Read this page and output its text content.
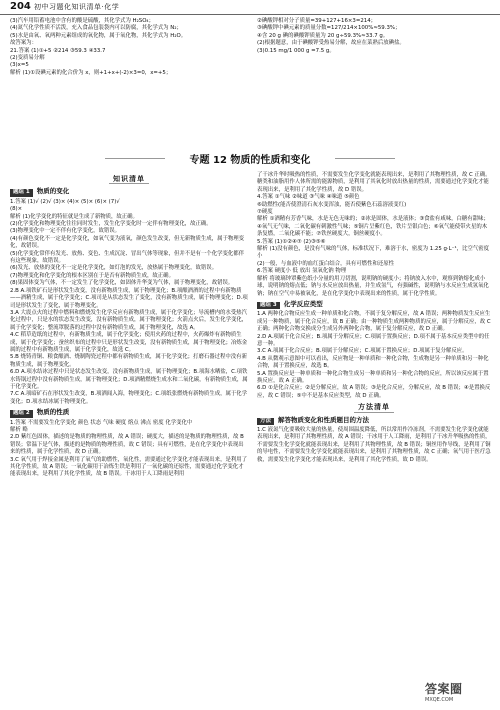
204 初中习题化知识清单·化学

(3)汽车用铅蓄电池中含有的酸是硫酸，其化学式为 H₂SO₄；

(4)氮气化学性质不活泼，充入食品包装袋内可以防腐，其化学式为 N₂；

(5)水是由氧、氧两种元素组成的氧化物，属于氧化物，其化学式为 H₂O。

故答案为：

21.答案 (1)①+5 ②214 ③59.3 ④33.7

(2)变质易分解

(3)x=5

解析 (1)①设碘元素的化合价为 x，则+1+x+(-2)×3=0，x=+5；

②碘酸钾相对分子质量=39+127+16×3=214；

③碘酸钾中碘元素的质量分数=127/214×100%≈59.3%；

④含 20 g 碘的碘酸钾质量为 20 g÷59.3%≈33.7 g。

(2)根据题意，由于碘酸钾受热易分解，故应在菜熟后放碘盐。

(3)0.15 mg/1 000 g =7.5 g。

专题 12 物质的性质和变化
知识清单
题组 1 物质的变化

1.答案 (1)√ (2)√ (3)× (4)× (5)× (6)× (7)√

(8)×

解析 (1)化学变化的特征就是生成了新物质，故正确。

(2)化学变化和物理变化往往同时发生，发生化学变化时一定伴有物理变化，故正确。

(3)物理变化中一定不伴有化学变化，故错误。

(4)有颜色变化不一定是化学变化，如氧气变为液氧，颜色发生改变，但无新物质生成，属于物理变化，故错误。

(5)化学变化常伴有发光、放热、变色、生成沉淀、冒出气体等现象，但并不是有一个化学变化都伴有这些现象，故错误。

(6)发光、放热的变化不一定是化学变化，如灯泡的发光，放热属于物理变化，故错误。

(7)物理变化和化学变化的根本区别在于是否有新物质生成，故正确。

(8)果固体变为气体，不一定发生了化学变化，如固体升华变为气体，属于物理变化，故错误。

2.B A.项铁矿石是形状发生改变，没有新物质生成，属于物理变化；B.项酿酒酒的过程中有新物质——酒精生成，属于化学变化；C.项司是从状态发生了变化，没有新物质生成，属于物理变化；D.项司是形状发生了变化，属于物理变化。

3.A 大震点火的过程中燃料和燃烧发生化学反应有新物质生成，属于化学变化；导流槽内的水受热汽化过程中，只是水的状态发生改变，没有新物质生成，属于物理变化；火箭点火后，发生化学变化，属于化学变化；整流罩脱落的过程中没有新物质生成，属于物理变化，故选 A。

4.C 稻草造纸的过程中，有新物质生成，属于化学变化；使用火药的过程中，火药爆炸有新物质生成，属于化学变化；蚕丝织布的过程中只是形状发生改变，没有新物质生成，属于物理变化；冶炼金属的过程中有新物质生成，属于化学变化，故选 C。

5.B 烧铸青铜、粮食酿酒、烧制陶瓷过程中都有新物质生成，属于化学变化；打磨石器过程中没有新物质生成，属于物理变化。

6.D A.项水结冰过程中只是状态发生改变，没有新物质生成，属于物理变化；B.项海水晒盐，C.项铁水铸锅过程中没有新物质生成，属于物理变化；D.项酒精燃烧生成水和二氧化碳，有新物质生成，属于化学变化。

7.C A.项暗矿石在形状发生改变，B.项洒闻入海，物理变化；C.项纸张燃烧有新物质生成，属于化学变化；D.项水结冰属于物理变化。

题组 2 物质的性质

1.答案 不需要发生化学变化 颜色 状态 气味 硬度 熔点 沸点 密度 化学变化中

解析 略

2.D 紫红色固体，描述的是物质的物理性质，故 A 错误；硬度大，描述的是物质的物理性质，故 B 错误；常温下是气体，描述的是物质的物理性质，故 C 错误；具有可燃性，是在化学变化中表现出来的性质，属于化学性质，故 D 正确。

3.C 氧气用于焊接金属是利用了氧气的助燃性，氧化性，需要通过化学变化才能表现出来，是利用了其化学性质，故 A 错误；一氧化碳用于冶炼生铁是利用了一氧化碳的还原性，需要通过化学变化才能表现出来，是利用了其化学性质，故 B 错误。干冰用于人工降雨是利用

了干冰升华时吸热的性质，不需要发生化学变化就能表现出来，是利用了其物理性质，故 C 正确。糖类和油脂用作人体所需的能源物质，是利用了其氧化时放出热量的性质，需要通过化学变化才能表现出来，是利用了其化学性质，故 D 错误。

4.答案 ①气味 ②味道 ③气味 ④味道 ⑤颜色

⑥助燃性(能否使澄清石灰水变浑浊，能否使紫色石蕊溶液变红)

⑦硬度

解析 ①酒精有芳香气味，水是无色无味的；②冰是固体，水是液体；③食盐有咸味，白糖有甜味；④氧气无气味，二氧化碳有刺激性气味；⑤铜片呈紫红色，铁片呈银白色；⑥氧气能使带火星的木条复燃，二氧化碳不能；⑦铁丝硬度大，铜丝硬度小。

5.答案 (1)①②④⑦ (2)③⑤⑥

解析 (1)没有颜色，是没有气味的气体，标准状况下，难溶于水，密度为 1.25 g·L⁻¹，比空气密度小

(2)一般，与血液中的血红蛋白结合，具有可燃性和还原性

6.答案 硬度小 低 放出 氢氧化钠 物理

解析 将玻璃钟罩紫色纸小分量的用刀切割，说明钠的硬度小；将钠放入水中，观察到钠熔化成小球，说明钠的熔点低；钠与水反应放出热量，并生成氢气，有强碱性，说明钠与水反应生成氢氧化钠；钠在空气中易被氧化，是在化学变化中表现出来的性质，属于化学性质。

题组 3 化学反应类型

1.A 两种化合物反应生成一种单质和化合物，不属于复分解反应，故 A 错误；两种物质发生反应生成另一种物质，属于化合反应，故 B 正确；由一种物质生成两种物质的反应，属于分解反应，故 C 正确；两种化合物交换成分生成另外两种化合物，属于复分解反应，故 D 正确。

2.D A.项属于化合反应；B.项属于分解反应；C.项属于置换反应；D.项不属于基本反应类型中的任意一种。

3.C A.项属于化合反应；B.项属于分解反应；C.项属于置换反应；D.项属于复分解反应。

4.B 从微观示意图中可以看出，反应物是一种单质和一种化合物，生成物是另一种单质和另一种化合物，属于置换反应，故选 B。

5.A 置换反应是一种单质和一种化合物生成另一种单质和另一种化合物的反应，所以该反应属于置换反应，故 A 正确。

6.D ①是化合反应；②是分解反应，故 A 错误；③是化合反应，分解反应，故 B 错误；④是置换反应，故 C 错误；⑤中不是基本反应类型，故 D 正确。

方法清单
方法 解答物质变化和性质题目的方法

1.C 液氮气化要吸收大量的热量，使周围温度降低，所以常用作冷冻剂，不需要发生化学变化就能表现出来，是利用了其物理性质，故 A 错误；干冰用于人工降雨，是利用了干冰升华吸热的性质，不需要发生化学变化就能表现出来，是利用了其物理性质，故 B 错误；铜丝用作导线，是利用了铜的导电性，不需要发生化学变化就能表现出来，是利用了其物理性质，故 C 正确；氧气用于医疗急救，需要发生化学变化才能表现出来，是利用了其化学性质，故 D 错误。

答案圈
MXQE.COM
